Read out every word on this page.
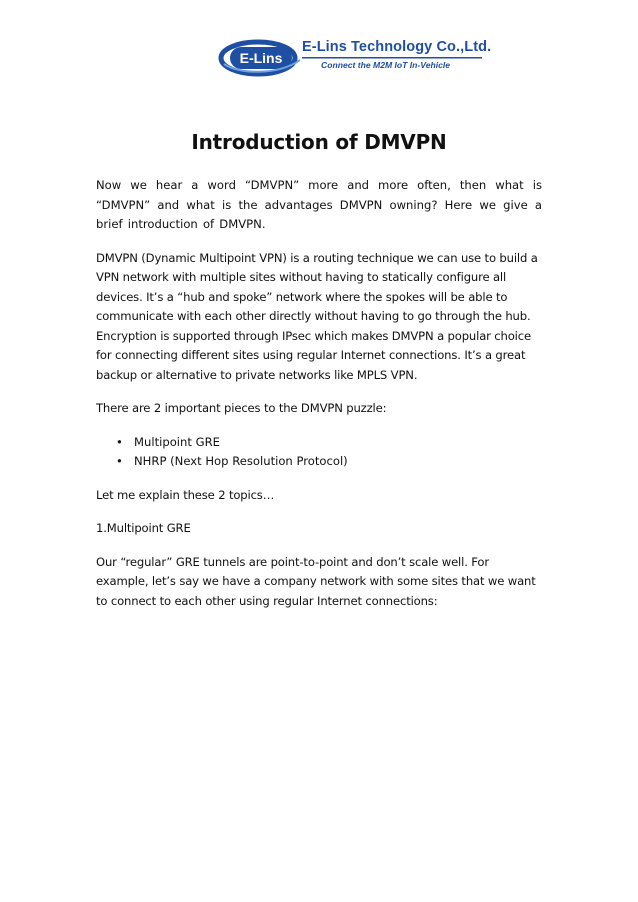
E-Lins
E-Lins Technology Co.,Ltd.
Connect the M2M IoT In-Vehicle
Introduction of DMVPN

Now we hear a word “DMVPN” more and more often, then what is “DMVPN” and what is the advantages DMVPN owning? Here we give a brief introduction of DMVPN.

DMVPN (Dynamic Multipoint VPN) is a routing technique we can use to build a VPN network with multiple sites without having to statically configure all devices. It’s a “hub and spoke” network where the spokes will be able to communicate with each other directly without having to go through the hub. Encryption is supported through IPsec which makes DMVPN a popular choice for connecting different sites using regular Internet connections. It’s a great backup or alternative to private networks like MPLS VPN.

There are 2 important pieces to the DMVPN puzzle:

• Multipoint GRE
• NHRP (Next Hop Resolution Protocol)

Let me explain these 2 topics…

1.Multipoint GRE

Our “regular” GRE tunnels are point-to-point and don’t scale well. For example, let’s say we have a company network with some sites that we want to connect to each other using regular Internet connections:
